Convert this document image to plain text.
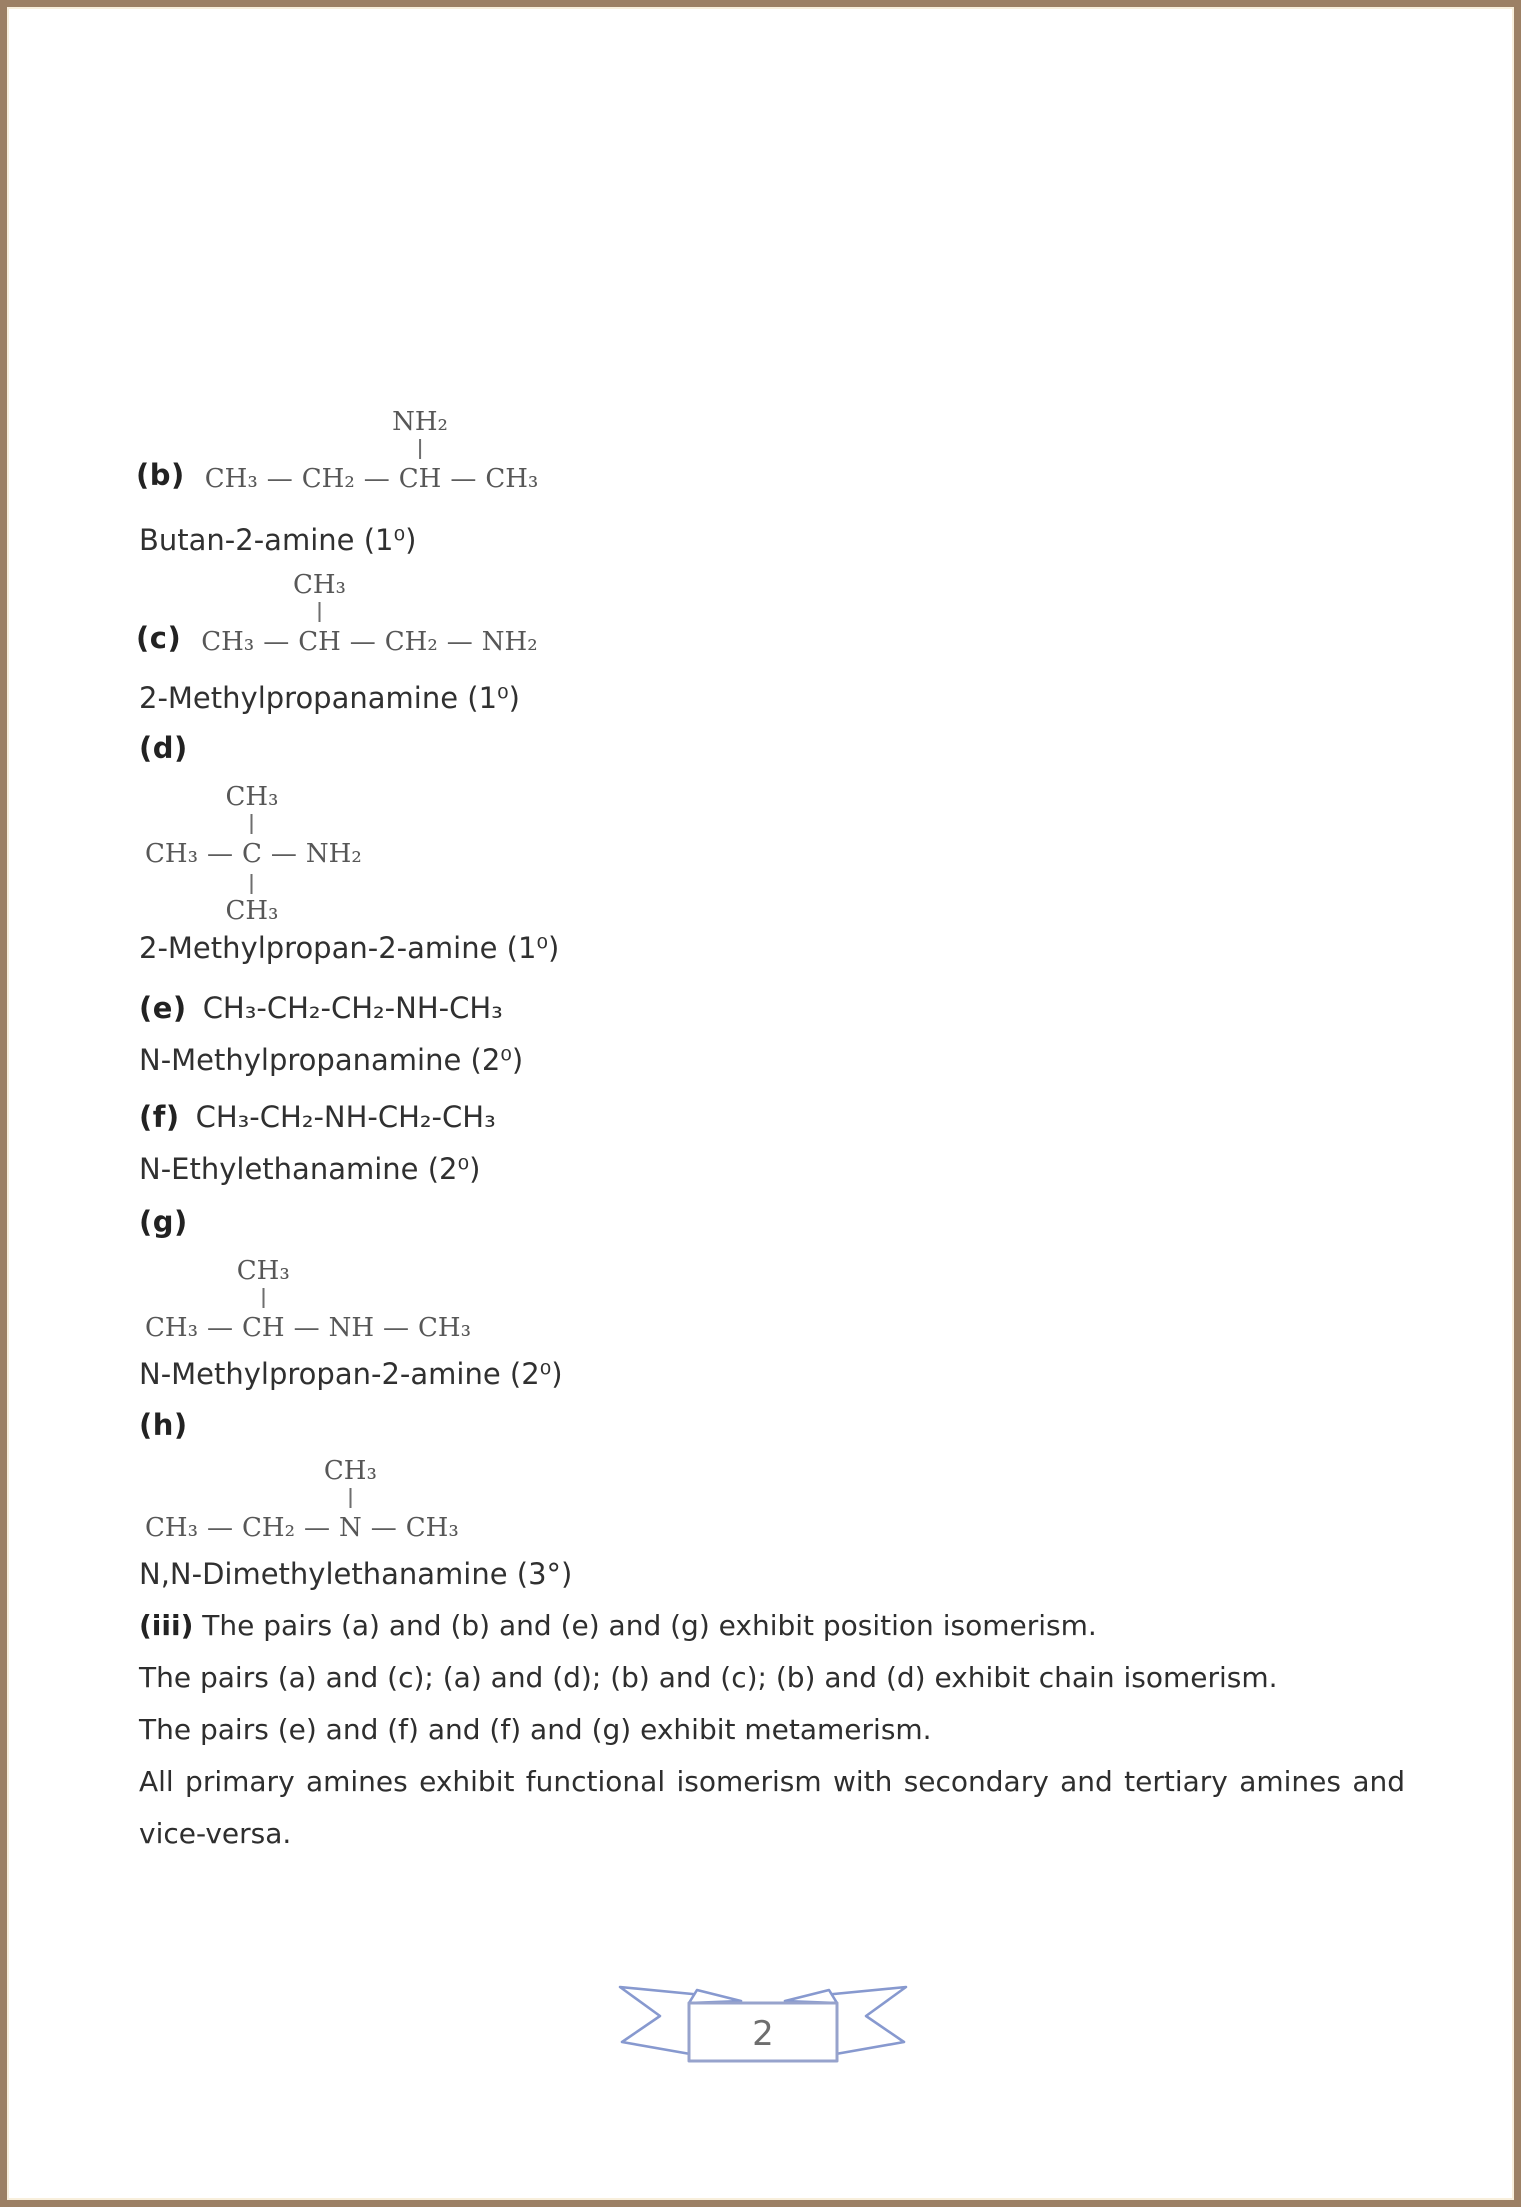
(b) CH₃ — CH₂ —
NH₂
CH — CH₃
Butan-2-amine (1⁰)
(c) CH₃ —
CH₃
CH — CH₂ — NH₂
2-Methylpropanamine (1⁰)
(d)
CH₃ —
CH₃
CH₃
C — NH₂
2-Methylpropan-2-amine (1⁰)
(e) CH₃-CH₂-CH₂-NH-CH₃
N-Methylpropanamine (2⁰)
(f) CH₃-CH₂-NH-CH₂-CH₃
N-Ethylethanamine (2⁰)
(g)
CH₃ —
CH₃
CH — NH — CH₃
N-Methylpropan-2-amine (2⁰)
(h)
CH₃ — CH₂ —
CH₃
N — CH₃
N,N-Dimethylethanamine (3°)

(iii) The pairs (a) and (b) and (e) and (g) exhibit position isomerism.

The pairs (a) and (c); (a) and (d); (b) and (c); (b) and (d) exhibit chain isomerism.

The pairs (e) and (f) and (f) and (g) exhibit metamerism.

All primary amines exhibit functional isomerism with secondary and tertiary amines and vice-versa.

2
